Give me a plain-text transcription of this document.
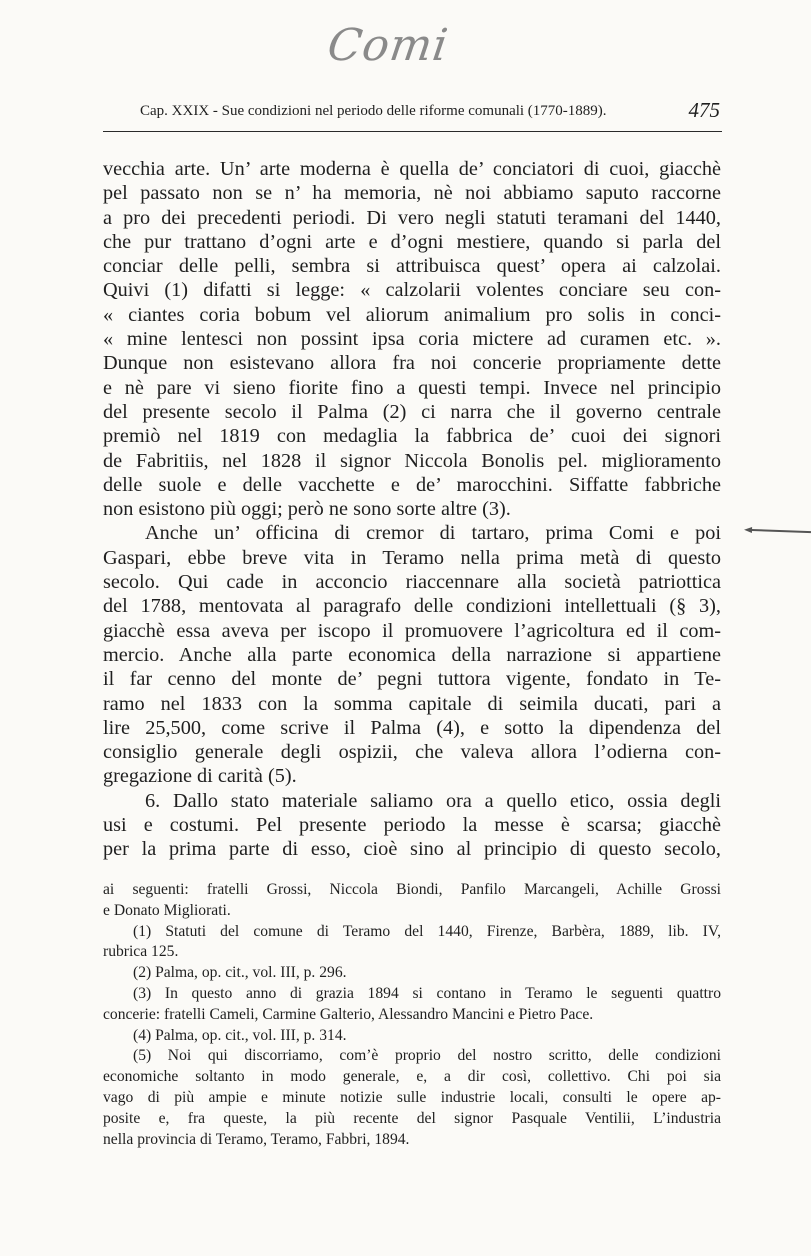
Comi
Cap. XXIX - Sue condizioni nel periodo delle riforme comunali (1770-1889).	475
vecchia arte. Un’ arte moderna è quella de’ conciatori di cuoi, giacchè
pel passato non se n’ ha memoria, nè noi abbiamo saputo raccorne
a pro dei precedenti periodi. Di vero negli statuti teramani del 1440,
che pur trattano d’ogni arte e d’ogni mestiere, quando si parla del
conciar delle pelli, sembra si attribuisca quest’ opera ai calzolai.
Quivi (1) difatti si legge: « calzolarii volentes conciare seu con-
« ciantes coria bobum vel aliorum animalium pro solis in conci-
« mine lentesci non possint ipsa coria mictere ad curamen etc. ».
Dunque non esistevano allora fra noi concerie propriamente dette
e nè pare vi sieno fiorite fino a questi tempi. Invece nel principio
del presente secolo il Palma (2) ci narra che il governo centrale
premiò nel 1819 con medaglia la fabbrica de’ cuoi dei signori
de Fabritiis, nel 1828 il signor Niccola Bonolis pel. miglioramento
delle suole e delle vacchette e de’ marocchini. Siffatte fabbriche
non esistono più oggi; però ne sono sorte altre (3).
Anche un’ officina di cremor di tartaro, prima Comi e poi
Gaspari, ebbe breve vita in Teramo nella prima metà di questo
secolo. Qui cade in acconcio riaccennare alla società patriottica
del 1788, mentovata al paragrafo delle condizioni intellettuali (§ 3),
giacchè essa aveva per iscopo il promuovere l’agricoltura ed il com-
mercio. Anche alla parte economica della narrazione si appartiene
il far cenno del monte de’ pegni tuttora vigente, fondato in Te-
ramo nel 1833 con la somma capitale di seimila ducati, pari a
lire 25,500, come scrive il Palma (4), e sotto la dipendenza del
consiglio generale degli ospizii, che valeva allora l’odierna con-
gregazione di carità (5).
6. Dallo stato materiale saliamo ora a quello etico, ossia degli
usi e costumi. Pel presente periodo la messe è scarsa; giacchè
per la prima parte di esso, cioè sino al principio di questo secolo,
ai seguenti: fratelli Grossi, Niccola Biondi, Panfilo Marcangeli, Achille Grossi
e Donato Migliorati.
(1) Statuti del comune di Teramo del 1440, Firenze, Barbèra, 1889, lib. IV,
rubrica 125.
(2) Palma, op. cit., vol. III, p. 296.
(3) In questo anno di grazia 1894 si contano in Teramo le seguenti quattro
concerie: fratelli Cameli, Carmine Galterio, Alessandro Mancini e Pietro Pace.
(4) Palma, op. cit., vol. III, p. 314.
(5) Noi qui discorriamo, com’è proprio del nostro scritto, delle condizioni
economiche soltanto in modo generale, e, a dir così, collettivo. Chi poi sia
vago di più ampie e minute notizie sulle industrie locali, consulti le opere ap-
posite e, fra queste, la più recente del signor Pasquale Ventilii, L’industria
nella provincia di Teramo, Teramo, Fabbri, 1894.
